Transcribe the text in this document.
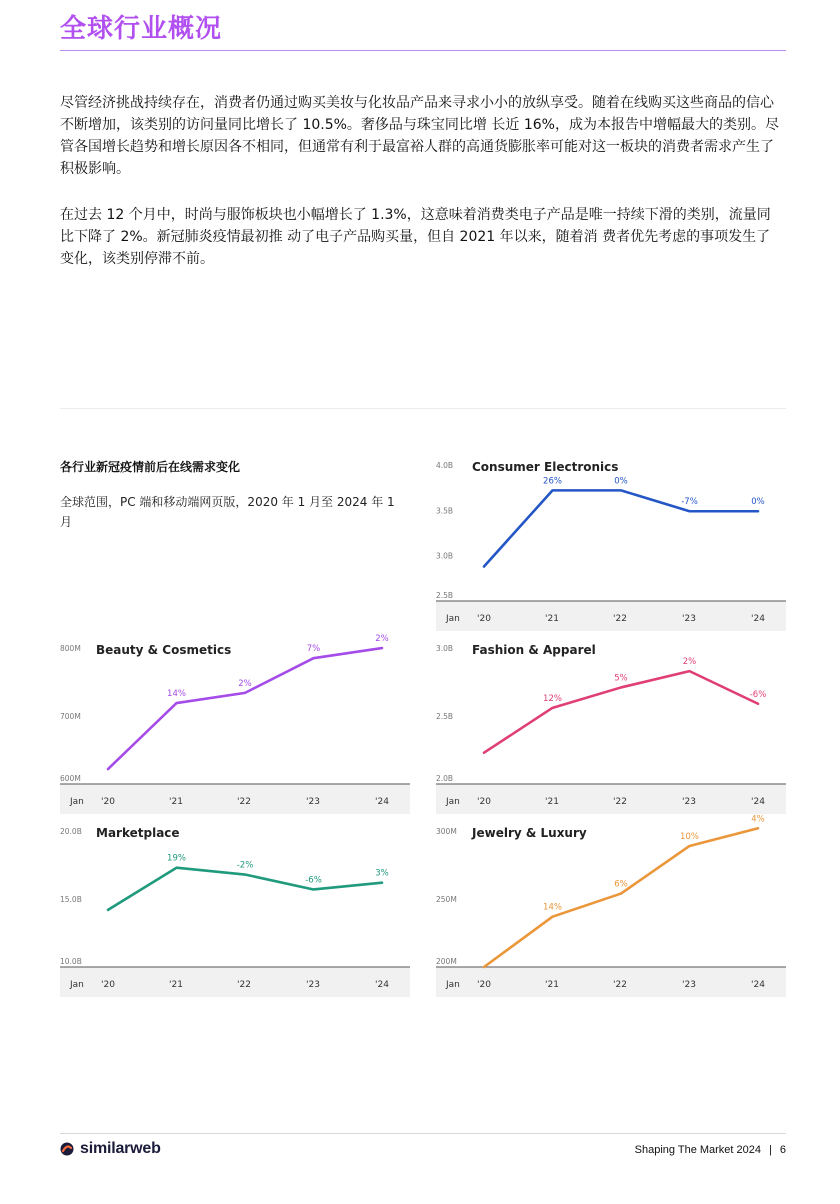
全球行业概况

尽管经济挑战持续存在，消费者仍通过购买美妆与化妆品产品来寻求小小的放纵享受。随着在线购买这些商品的信心不断增加，该类别的访问量同比增长了 10.5%。奢侈品与珠宝同比增 长近 16%，成为本报告中增幅最大的类别。尽管各国增长趋势和增长原因各不相同，但通常有利于最富裕人群的高通货膨胀率可能对这一板块的消费者需求产生了积极影响。

在过去 12 个月中，时尚与服饰板块也小幅增长了 1.3%，这意味着消费类电子产品是唯一持续下滑的类别，流量同比下降了 2%。新冠肺炎疫情最初推 动了电子产品购买量，但自 2021 年以来，随着消 费者优先考虑的事项发生了变化，该类别停滞不前。

各行业新冠疫情前后在线需求变化
全球范围，PC 端和移动端网页版，2020 年 1 月至 2024 年 1 月
2.5B
3.0B
3.5B
4.0B
Jan '20	'21	'22	'23	'24
26%	0%
-7%	0%
Consumer Electronics
600M
700M
800M
Jan '20	'21	'22	'23	'24
14%
2%
7%
2%
Beauty & Cosmetics
2.0B
2.5B
3.0B
Jan '20	'21	'22	'23	'24
12%
5%
2%
-6%
Fashion & Apparel
10.0B
15.0B
20.0B
Jan '20	'21	'22	'23	'24
19%
-2%
-6%
3%
Marketplace
200M
250M
300M
Jan '20	'21	'22	'23	'24
14%
6%
10%
4%
Jewelry & Luxury
similarweb	Shaping The Market 2024 | 6
